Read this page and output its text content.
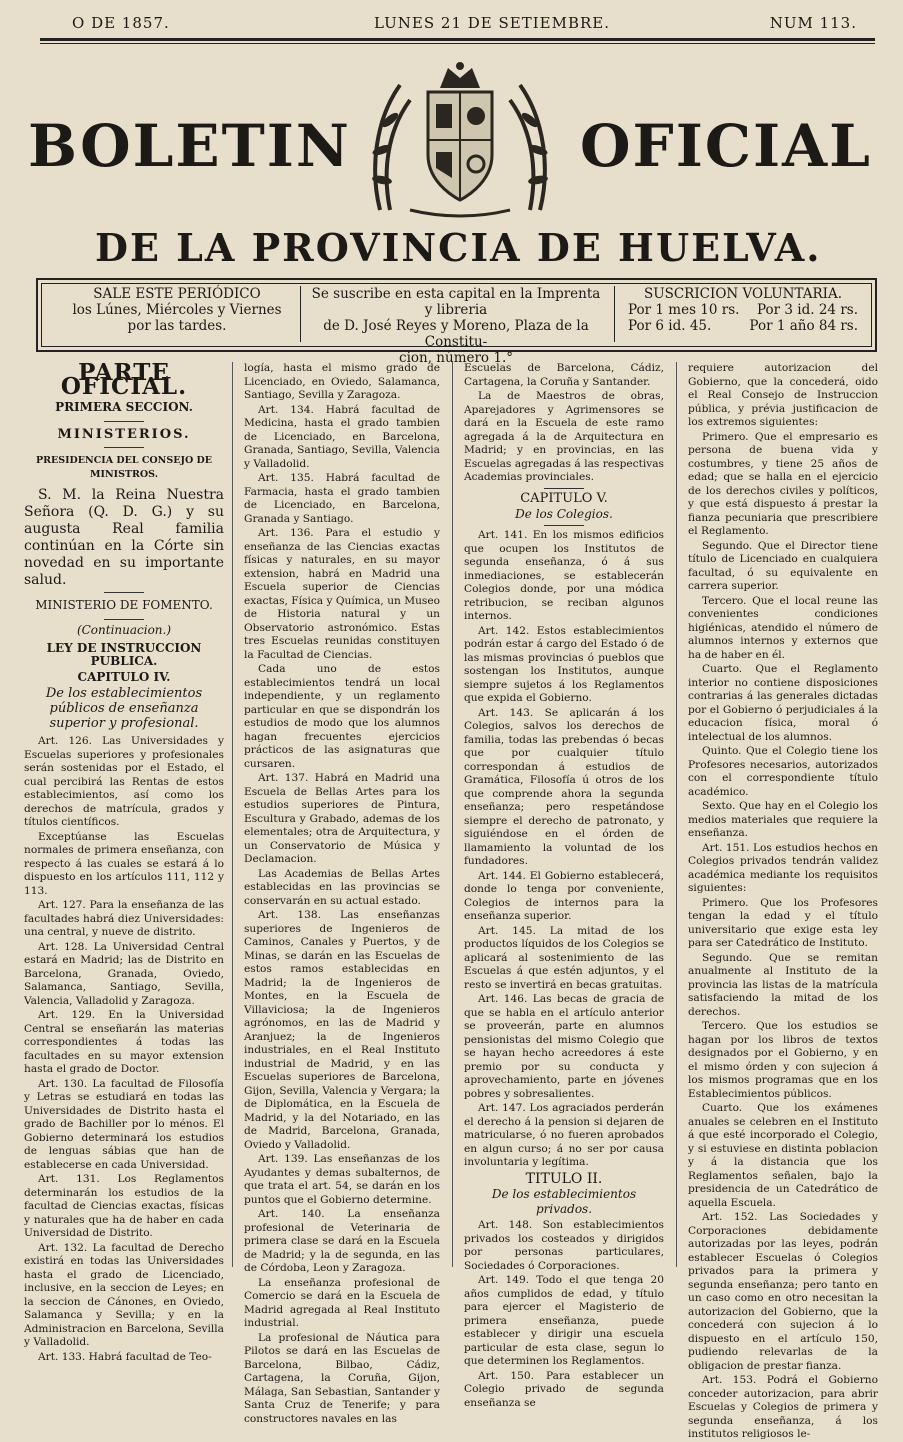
O DE 1857.	LUNES 21 DE SETIEMBRE.	NUM 113.
BOLETIN	OFICIAL
DE LA PROVINCIA DE HUELVA.
SALE ESTE PERIÓDICO
los Lúnes, Miércoles y Viernes
por las tardes.
Se suscribe en esta capital en la Imprenta y libreria
de D. José Reyes y Moreno, Plaza de la Constitu-
cion, número 1.°
SUSCRICION VOLUNTARIA.
Por 1 mes 10 rs. Por 3 id. 24 rs.
Por 6 id. 45.	Por 1 año 84 rs.
PARTE OFICIAL.
PRIMERA SECCION.
MINISTERIOS.
PRESIDENCIA DEL CONSEJO DE MINISTROS.

S. M. la Reina Nuestra Señora (Q. D. G.) y su augusta Real familia continúan en la Córte sin novedad en su importante salud.

MINISTERIO DE FOMENTO.
(Continuacion.)
LEY DE INSTRUCCION PUBLICA.
CAPITULO IV.
De los establecimientos públicos de enseñanza superior y profesional.

Art. 126. Las Universidades y Escuelas superiores y profesionales serán sostenidas por el Estado, el cual percibirá las Rentas de estos establecimientos, así como los derechos de matrícula, grados y títulos científicos.

Exceptúanse las Escuelas normales de primera enseñanza, con respecto á las cuales se estará á lo dispuesto en los artículos 111, 112 y 113.

Art. 127. Para la enseñanza de las facultades habrá diez Universidades: una central, y nueve de distrito.

Art. 128. La Universidad Central estará en Madrid; las de Distrito en Barcelona, Granada, Oviedo, Salamanca, Santiago, Sevilla, Valencia, Valladolid y Zaragoza.

Art. 129. En la Universidad Central se enseñarán las materias correspondientes á todas las facultades en su mayor extension hasta el grado de Doctor.

Art. 130. La facultad de Filosofía y Letras se estudiará en todas las Universidades de Distrito hasta el grado de Bachiller por lo ménos. El Gobierno determinará los estudios de lenguas sábias que han de establecerse en cada Universidad.

Art. 131. Los Reglamentos determinarán los estudios de la facultad de Ciencias exactas, físicas y naturales que ha de haber en cada Universidad de Distrito.

Art. 132. La facultad de Derecho existirá en todas las Universidades hasta el grado de Licenciado, inclusive, en la seccion de Leyes; en la seccion de Cánones, en Oviedo, Salamanca y Sevilla; y en la Administracion en Barcelona, Sevilla y Valladolid.

Art. 133. Habrá facultad de Teo-

logía, hasta el mismo grado de Licenciado, en Oviedo, Salamanca, Santiago, Sevilla y Zaragoza.

Art. 134. Habrá facultad de Medicina, hasta el grado tambien de Licenciado, en Barcelona, Granada, Santiago, Sevilla, Valencia y Valladolid.

Art. 135. Habrá facultad de Farmacia, hasta el grado tambien de Licenciado, en Barcelona, Granada y Santiago.

Art. 136. Para el estudio y enseñanza de las Ciencias exactas físicas y naturales, en su mayor extension, habrá en Madrid una Escuela superior de Ciencias exactas, Física y Química, un Museo de Historia natural y un Observatorio astronómico. Estas tres Escuelas reunidas constituyen la Facultad de Ciencias.

Cada uno de estos establecimientos tendrá un local independiente, y un reglamento particular en que se dispondrán los estudios de modo que los alumnos hagan frecuentes ejercicios prácticos de las asignaturas que cursaren.

Art. 137. Habrá en Madrid una Escuela de Bellas Artes para los estudios superiores de Pintura, Escultura y Grabado, ademas de los elementales; otra de Arquitectura, y un Conservatorio de Música y Declamacion.

Las Academias de Bellas Artes establecidas en las provincias se conservarán en su actual estado.

Art. 138. Las enseñanzas superiores de Ingenieros de Caminos, Canales y Puertos, y de Minas, se darán en las Escuelas de estos ramos establecidas en Madrid; la de Ingenieros de Montes, en la Escuela de Villaviciosa; la de Ingenieros agrónomos, en las de Madrid y Aranjuez; la de Ingenieros industriales, en el Real Instituto industrial de Madrid, y en las Escuelas superiores de Barcelona, Gijon, Sevilla, Valencia y Vergara; la de Diplomática, en la Escuela de Madrid, y la del Notariado, en las de Madrid, Barcelona, Granada, Oviedo y Valladolid.

Art. 139. Las enseñanzas de los Ayudantes y demas subalternos, de que trata el art. 54, se darán en los puntos que el Gobierno determine.

Art. 140. La enseñanza profesional de Veterinaria de primera clase se dará en la Escuela de Madrid; y la de segunda, en las de Córdoba, Leon y Zaragoza.

La enseñanza profesional de Comercio se dará en la Escuela de Madrid agregada al Real Instituto industrial.

La profesional de Náutica para Pilotos se dará en las Escuelas de Barcelona, Bilbao, Cádiz, Cartagena, la Coruña, Gijon, Málaga, San Sebastian, Santander y Santa Cruz de Tenerife; y para constructores navales en las

Escuelas de Barcelona, Cádiz, Cartagena, la Coruña y Santander.

La de Maestros de obras, Aparejadores y Agrimensores se dará en la Escuela de este ramo agregada á la de Arquitectura en Madrid; y en provincias, en las Escuelas agregadas á las respectivas Academias provinciales.

CAPITULO V.
De los Colegios.

Art. 141. En los mismos edificios que ocupen los Institutos de segunda enseñanza, ó á sus inmediaciones, se establecerán Colegios donde, por una módica retribucion, se reciban algunos internos.

Art. 142. Estos establecimientos podrán estar á cargo del Estado ó de las mismas provincias ó pueblos que sostengan los Institutos, aunque siempre sujetos á los Reglamentos que expida el Gobierno.

Art. 143. Se aplicarán á los Colegios, salvos los derechos de familia, todas las prebendas ó becas que por cualquier título correspondan á estudios de Gramática, Filosofía ú otros de los que comprende ahora la segunda enseñanza; pero respetándose siempre el derecho de patronato, y siguiéndose en el órden de llamamiento la voluntad de los fundadores.

Art. 144. El Gobierno establecerá, donde lo tenga por conveniente, Colegios de internos para la enseñanza superior.

Art. 145. La mitad de los productos líquidos de los Colegios se aplicará al sostenimiento de las Escuelas á que estén adjuntos, y el resto se invertirá en becas gratuitas.

Art. 146. Las becas de gracia de que se habla en el artículo anterior se proveerán, parte en alumnos pensionistas del mismo Colegio que se hayan hecho acreedores á este premio por su conducta y aprovechamiento, parte en jóvenes pobres y sobresalientes.

Art. 147. Los agraciados perderán el derecho á la pension si dejaren de matricularse, ó no fueren aprobados en algun curso; á no ser por causa involuntaria y legítima.

TITULO II.
De los establecimientos privados.

Art. 148. Son establecimientos privados los costeados y dirigidos por personas particulares, Sociedades ó Corporaciones.

Art. 149. Todo el que tenga 20 años cumplidos de edad, y título para ejercer el Magisterio de primera enseñanza, puede establecer y dirigir una escuela particular de esta clase, segun lo que determinen los Reglamentos.

Art. 150. Para establecer un Colegio privado de segunda enseñanza se

requiere autorizacion del Gobierno, que la concederá, oido el Real Consejo de Instruccion pública, y prévia justificacion de los extremos siguientes:

Primero. Que el empresario es persona de buena vida y costumbres, y tiene 25 años de edad; que se halla en el ejercicio de los derechos civiles y políticos, y que está dispuesto á prestar la fianza pecuniaria que prescribiere el Reglamento.

Segundo. Que el Director tiene título de Licenciado en cualquiera facultad, ó su equivalente en carrera superior.

Tercero. Que el local reune las convenientes condiciones higiénicas, atendido el número de alumnos internos y externos que ha de haber en él.

Cuarto. Que el Reglamento interior no contiene disposiciones contrarias á las generales dictadas por el Gobierno ó perjudiciales á la educacion física, moral ó intelectual de los alumnos.

Quinto. Que el Colegio tiene los Profesores necesarios, autorizados con el correspondiente título académico.

Sexto. Que hay en el Colegio los medios materiales que requiere la enseñanza.

Art. 151. Los estudios hechos en Colegios privados tendrán validez académica mediante los requisitos siguientes:

Primero. Que los Profesores tengan la edad y el título universitario que exige esta ley para ser Catedrático de Instituto.

Segundo. Que se remitan anualmente al Instituto de la provincia las listas de la matrícula satisfaciendo la mitad de los derechos.

Tercero. Que los estudios se hagan por los libros de textos designados por el Gobierno, y en el mismo órden y con sujecion á los mismos programas que en los Establecimientos públicos.

Cuarto. Que los exámenes anuales se celebren en el Instituto á que esté incorporado el Colegio, y si estuviese en distinta poblacion y á la distancia que los Reglamentos señalen, bajo la presidencia de un Catedrático de aquella Escuela.

Art. 152. Las Sociedades y Corporaciones debidamente autorizadas por las leyes, podrán establecer Escuelas ó Colegios privados para la primera y segunda enseñanza; pero tanto en un caso como en otro necesitan la autorizacion del Gobierno, que la concederá con sujecion á lo dispuesto en el artículo 150, pudiendo relevarlas de la obligacion de prestar fianza.

Art. 153. Podrá el Gobierno conceder autorizacion, para abrir Escuelas y Colegios de primera y segunda enseñanza, á los institutos religiosos le-
